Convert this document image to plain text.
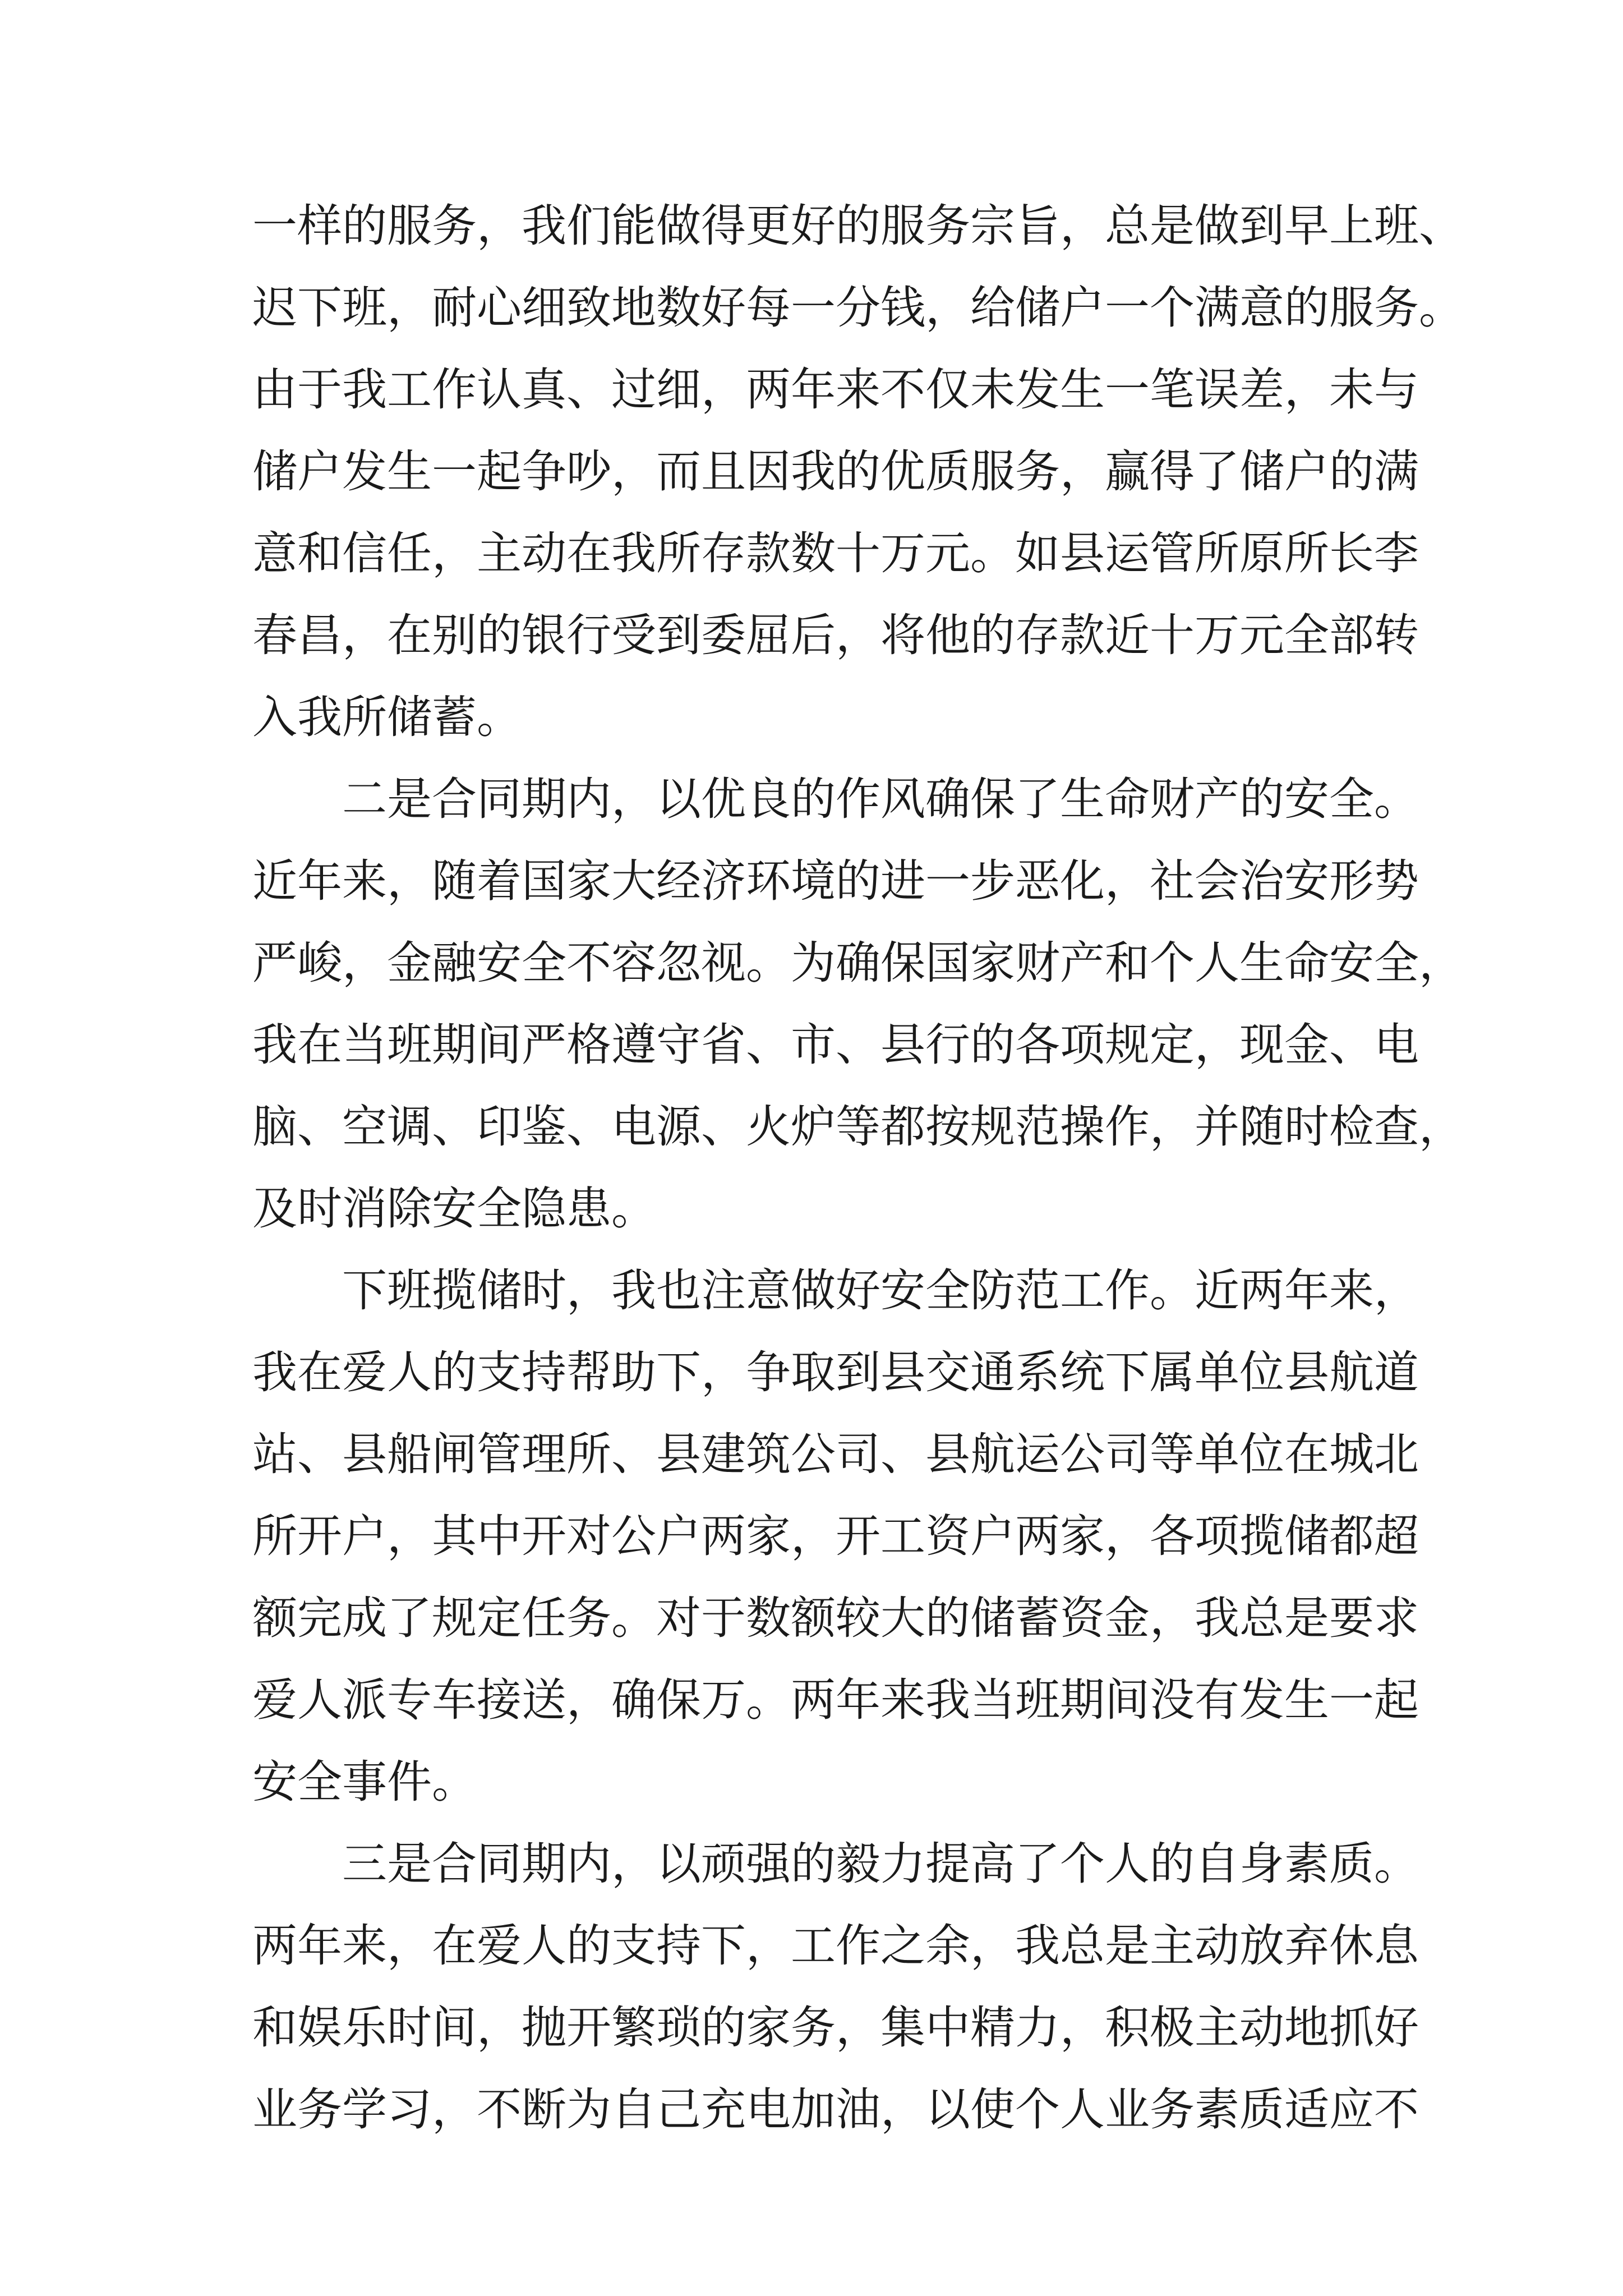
一样的服务，我们能做得更好的服务宗旨，总是做到早上班、
迟下班，耐心细致地数好每一分钱，给储户一个满意的服务。
由于我工作认真、过细，两年来不仅未发生一笔误差，未与
储户发生一起争吵，而且因我的优质服务，赢得了储户的满
意和信任，主动在我所存款数十万元。如县运管所原所长李
春昌，在别的银行受到委屈后，将他的存款近十万元全部转
入我所储蓄。
二是合同期内，以优良的作风确保了生命财产的安全。
近年来，随着国家大经济环境的进一步恶化，社会治安形势
严峻，金融安全不容忽视。为确保国家财产和个人生命安全，
我在当班期间严格遵守省、市、县行的各项规定，现金、电
脑、空调、印鉴、电源、火炉等都按规范操作，并随时检查，
及时消除安全隐患。
下班揽储时，我也注意做好安全防范工作。近两年来，
我在爱人的支持帮助下，争取到县交通系统下属单位县航道
站、县船闸管理所、县建筑公司、县航运公司等单位在城北
所开户，其中开对公户两家，开工资户两家，各项揽储都超
额完成了规定任务。对于数额较大的储蓄资金，我总是要求
爱人派专车接送，确保万。两年来我当班期间没有发生一起
安全事件。
三是合同期内，以顽强的毅力提高了个人的自身素质。
两年来，在爱人的支持下，工作之余，我总是主动放弃休息
和娱乐时间，抛开繁琐的家务，集中精力，积极主动地抓好
业务学习，不断为自己充电加油，以使个人业务素质适应不
